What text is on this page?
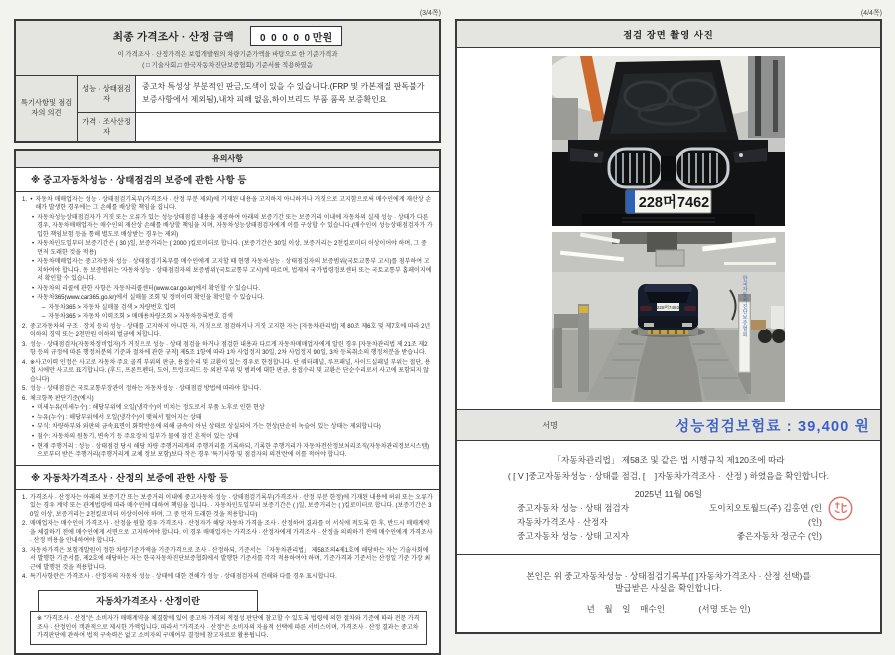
(3/4쪽)
최종 가격조사 · 산정 금액	0  0  0  0  0 만원
이 가격조사 · 산정가격은 보험개발원의 차량기준가액을 바탕으로 한 기준가격과
( □ 기술사회,□ 한국자동차진단보증협회) 기준서를 적용하였음
특기사항및 점검자의 의견
성능 · 상태점검자
중고차 특성상 부분적인 판금,도색이 있을 수 있습니다.(FRP 및 카본재질 판독불가 보증사항에서 제외됨),내차 피해 없음,하이브리드 부품 품목 보증확인요
가격 · 조사산정자
유의사항
※ 중고자동차성능 · 상태점검의 보증에 관한 사항 등
1.  • 자동차 매매업자는 성능 · 상태점검기록부(가격조사 · 산정 부분 제외)에 기재된 내용을 고지하지 아니하거나 거짓으로 고지함으로써 매수인에게 재산상 손해가 발생한 경우에는 그 손해를 배상할 책임을 집니다.
• 자동차성능상태점검자가 거짓 또는 오류가 있는 성능상태점검 내용을 제공하여 아래의 보증기간 또는 보증거리 이내에 자동차의 실제 성능 · 상태가 다른 경우, 자동차매매업자는 매수인의 재산상 손해를 배상할 책임을 지며, 자동차성능상태점검자에게 이를 구상할 수 있습니다.(매수인이 성능상태점검자가 가입한 책임보험 등을 통해 별도로 배상받는 경우는 제외)
• 자동차인도일부터 보증기간은 ( 30 )일, 보증거리는 ( 2000 )킬로미터로 합니다. (보증기간은 30일 이상, 보증거리는 2천킬로미터 이상이어야 하며, 그 중 먼저 도래한 것을 적용)
• 자동차매매업자는 중고자동차 성능 · 상태점검기록부를 매수인에게 고지할 때 현행 자동차성능 · 상태점검자의 보증범위(국토교통부 고시)를 첨부하여 고지하여야 합니다. 동 보증범위는 '자동차성능 · 상태점검자의 보증범위'(국토교통부 고시)에 따르며, 법제처 국가법령정보센터 또는 국토교통부 홈페이지에서 확인할 수 있습니다.
• 자동차의 리콜에 관한 사항은 자동차리콜센터(www.car.go.kr)에서 확인할 수 있습니다.
• 자동차365(www.car365.go.kr)에서 실매물 조회 및 정비이력 확인을 확인할 수 있습니다.
– 자동차365 > 자동차 실매물 검색 > 차량번호 입력
– 자동차365 > 자동차 이력조회 > 매매용차량조회 > 자동차등록번호 검색
2. 중고자동차의 구조 · 장치 등의 성능 · 상태를 고지하지 아니한 자, 거짓으로 점검하거나 거짓 고지한 자는 [자동차관리법] 제 80조 제6호 및 제7호에 따라 2년 이하의 징역 또는 2천만원 이하의 벌금에 처합니다.
3. 성능 · 상태점검자(자동차정비업자)가 거짓으로 성능 · 상태 점검을 하거나 점검한 내용과 다르게 자동차매매업자에게 알린 경우 [자동차관리법 제 21조 제2항 등의 규정에 따른 행정처분의 기준과 절차에 관한 규칙] 제5조 1항에 따라 1차 사업정지 30일, 2차 사업정지 90일, 3차 등록취소의 행정처분을 받습니다.
4. ※사고이력 인정은 사고로 자동차 주요 골격 부위의 판금, 용접수리 및 교환이 있는 경우로 한정합니다. 단 쿼터패널, 루프패널, 사이드실패널 부위는 절단, 용접 시에만 사고로 표기합니다. (후드, 프론트펜더, 도어, 트렁크리드 등 외판 부위 및 범퍼에 대한 판금, 용접수리 및 교환은 단순수리로서 사고에 포함되지 않습니다)
5. 성능 · 상태점검은 국토교통부장관이 정하는 자동차성능 · 상태점검 방법에 따라야 합니다.
6. 체크항목 판단기준(예시)
• 미세누유(미세누수) : 해당부위에 오일(냉각수)이 비치는 정도로서 부품 노후로 인한 현상
• 누유(누수) : 해당부위에서 오일(냉각수)이 맺혀서 떨어지는 상태
• 부식: 차량하부와 외판의 금속표면이 화학반응에 의해 금속이 아닌 상태로 상실되어 가는 현상(단순히 녹슬어 있는 상태는 제외합니다)
• 침수: 자동차의 원동기, 변속기 등 주요장치 일부가 물에 잠긴 흔적이 있는 상태
• 현재 주행거리 : 성능 · 상태점검 당시 해당 차량 주행거리계의 주행거리를 기록하되, 기록한 주행거리가 자동차전산정보처리조직(자동차관리정보시스템)으로부터 받은 주행거리(주행거리계 교체 정보 포함)보다 작은 경우 '특기사항 및 점검자의 의견'란에 이를 적어야 합니다.
※ 자동차가격조사 · 산정의 보증에 관한 사항 등
1. 가격조사 · 산정자는 아래의 보증기간 또는 보증거리 이내에 중고자동차 성능 · 상태점검기록부(가격조사 · 산정 부분 한정)에 기재된 내용에 허위 또는 오류가 있는 경우 계약 또는 관계법령에 따라 매수인에 대하여 책임을 집니다. · 자동차인도일부터 보증기간은 ( )일, 보증거리는 ( )킬로미터로 합니다. (보증기간은 30일 이상, 보증거리는 2천킬로미터 이상이어야 하며, 그 중 먼저 도래한 것을 적용합니다)
2. 매매업자는 매수인이 가격조사 · 산정을 원할 경우 가격조사 · 산정자가 해당 자동차 가격을 조사 · 산정하여 결과를 이 서식에 적도록 한 후, 반드시 매매계약을 체결하기 전에 매수인에게 서면으로 고지하여야 합니다. 이 경우 매매업자는 가격조사 · 산정자에게 가격조사 · 산정을 의뢰하기 전에 매수인에게 가격조사 · 산정 비용을 안내하여야 합니다.
3. 자동차가격은 보험개발원이 정한 차량기준가액을 기준가격으로 조사 · 산정하되, 기준서는 「자동차관리법」 제58조의4제1호에 해당하는 자는 기술사회에서 발행한 기준서를, 제2호에 해당하는 자는 한국자동차진단보증협회에서 발행한 기준서를 각각 적용하여야 하며, 기준가격과 기준서는 산정일 기준 가장 최근에 발행된 것을 적용합니다.
4. 특기사항란은 가격조사 · 산정자의 자동차 성능 · 상태에 대한 견해가 성능 · 상태점검자의 견해와 다를 경우 표시합니다.
자동차가격조사 · 산정이란
※ "가격조사 · 산정"은 소비자가 매매계약을 체결함에 있어 중고차 가격의 적절성 판단에 참고할 수 있도록 법령에 의한 절차와 기준에 따라 전문 가격조사 · 산정인이 객관적으로 제시한 가액입니다. 따라서 "가격조사 · 산정"은 소비자의 자율적 선택에 따른 서비스이며, 가격조사 · 산정 결과는 중고차 가격판단에 관하여 법적 구속력은 없고 소비자의 구매여부 결정에 참고자료로 활용됩니다.
(4/4쪽)
점검 장면 촬영 사진
228머7462
한국자동차진단보증협회
228머7462
서명	성능점검보험료 : 39,400 원
「자동차관리법」 제58조 및 같은 법 시행규칙 제120조에 따라
( [ V ]중고자동차성능 · 상태를 점검, [    ]자동차가격조사 ·  산정 ) 하였음을 확인합니다.
2025년 11월 06일
중고자동차 성능 · 상태 점검자	도이치오토월드(주) 김홍연 (인
자동차가격조사 · 산정자	(인)
중고자동차 성능 · 상태 고지자	좋은자동차 정군수 (인)
본인은 위 중고자동차성능 · 상태점검기록부([ ]자동차가격조사 · 산정 선택)를
발급받은 사실을 확인합니다.
년    월    일    매수인              (서명 또는 인)
